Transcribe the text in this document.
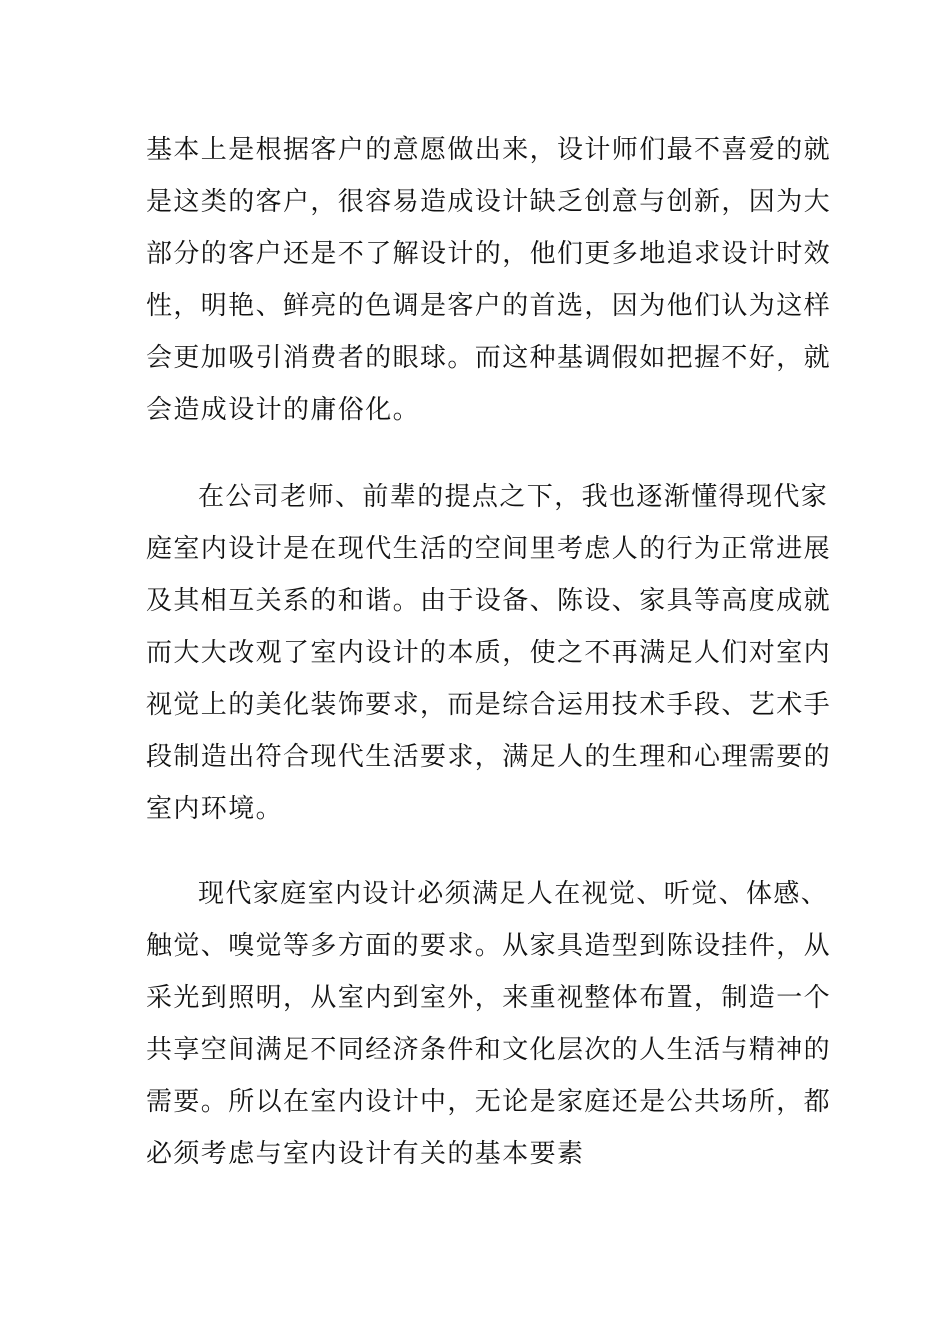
基本上是根据客户的意愿做出来，设计师们最不喜爱的就
是这类的客户，很容易造成设计缺乏创意与创新，因为大
部分的客户还是不了解设计的，他们更多地追求设计时效
性，明艳、鲜亮的色调是客户的首选，因为他们认为这样
会更加吸引消费者的眼球。而这种基调假如把握不好，就
会造成设计的庸俗化。
在公司老师、前辈的提点之下，我也逐渐懂得现代家
庭室内设计是在现代生活的空间里考虑人的行为正常进展
及其相互关系的和谐。由于设备、陈设、家具等高度成就
而大大改观了室内设计的本质，使之不再满足人们对室内
视觉上的美化装饰要求，而是综合运用技术手段、艺术手
段制造出符合现代生活要求，满足人的生理和心理需要的
室内环境。
现代家庭室内设计必须满足人在视觉、听觉、体感、
触觉、嗅觉等多方面的要求。从家具造型到陈设挂件，从
采光到照明，从室内到室外，来重视整体布置，制造一个
共享空间满足不同经济条件和文化层次的人生活与精神的
需要。所以在室内设计中，无论是家庭还是公共场所，都
必须考虑与室内设计有关的基本要素
